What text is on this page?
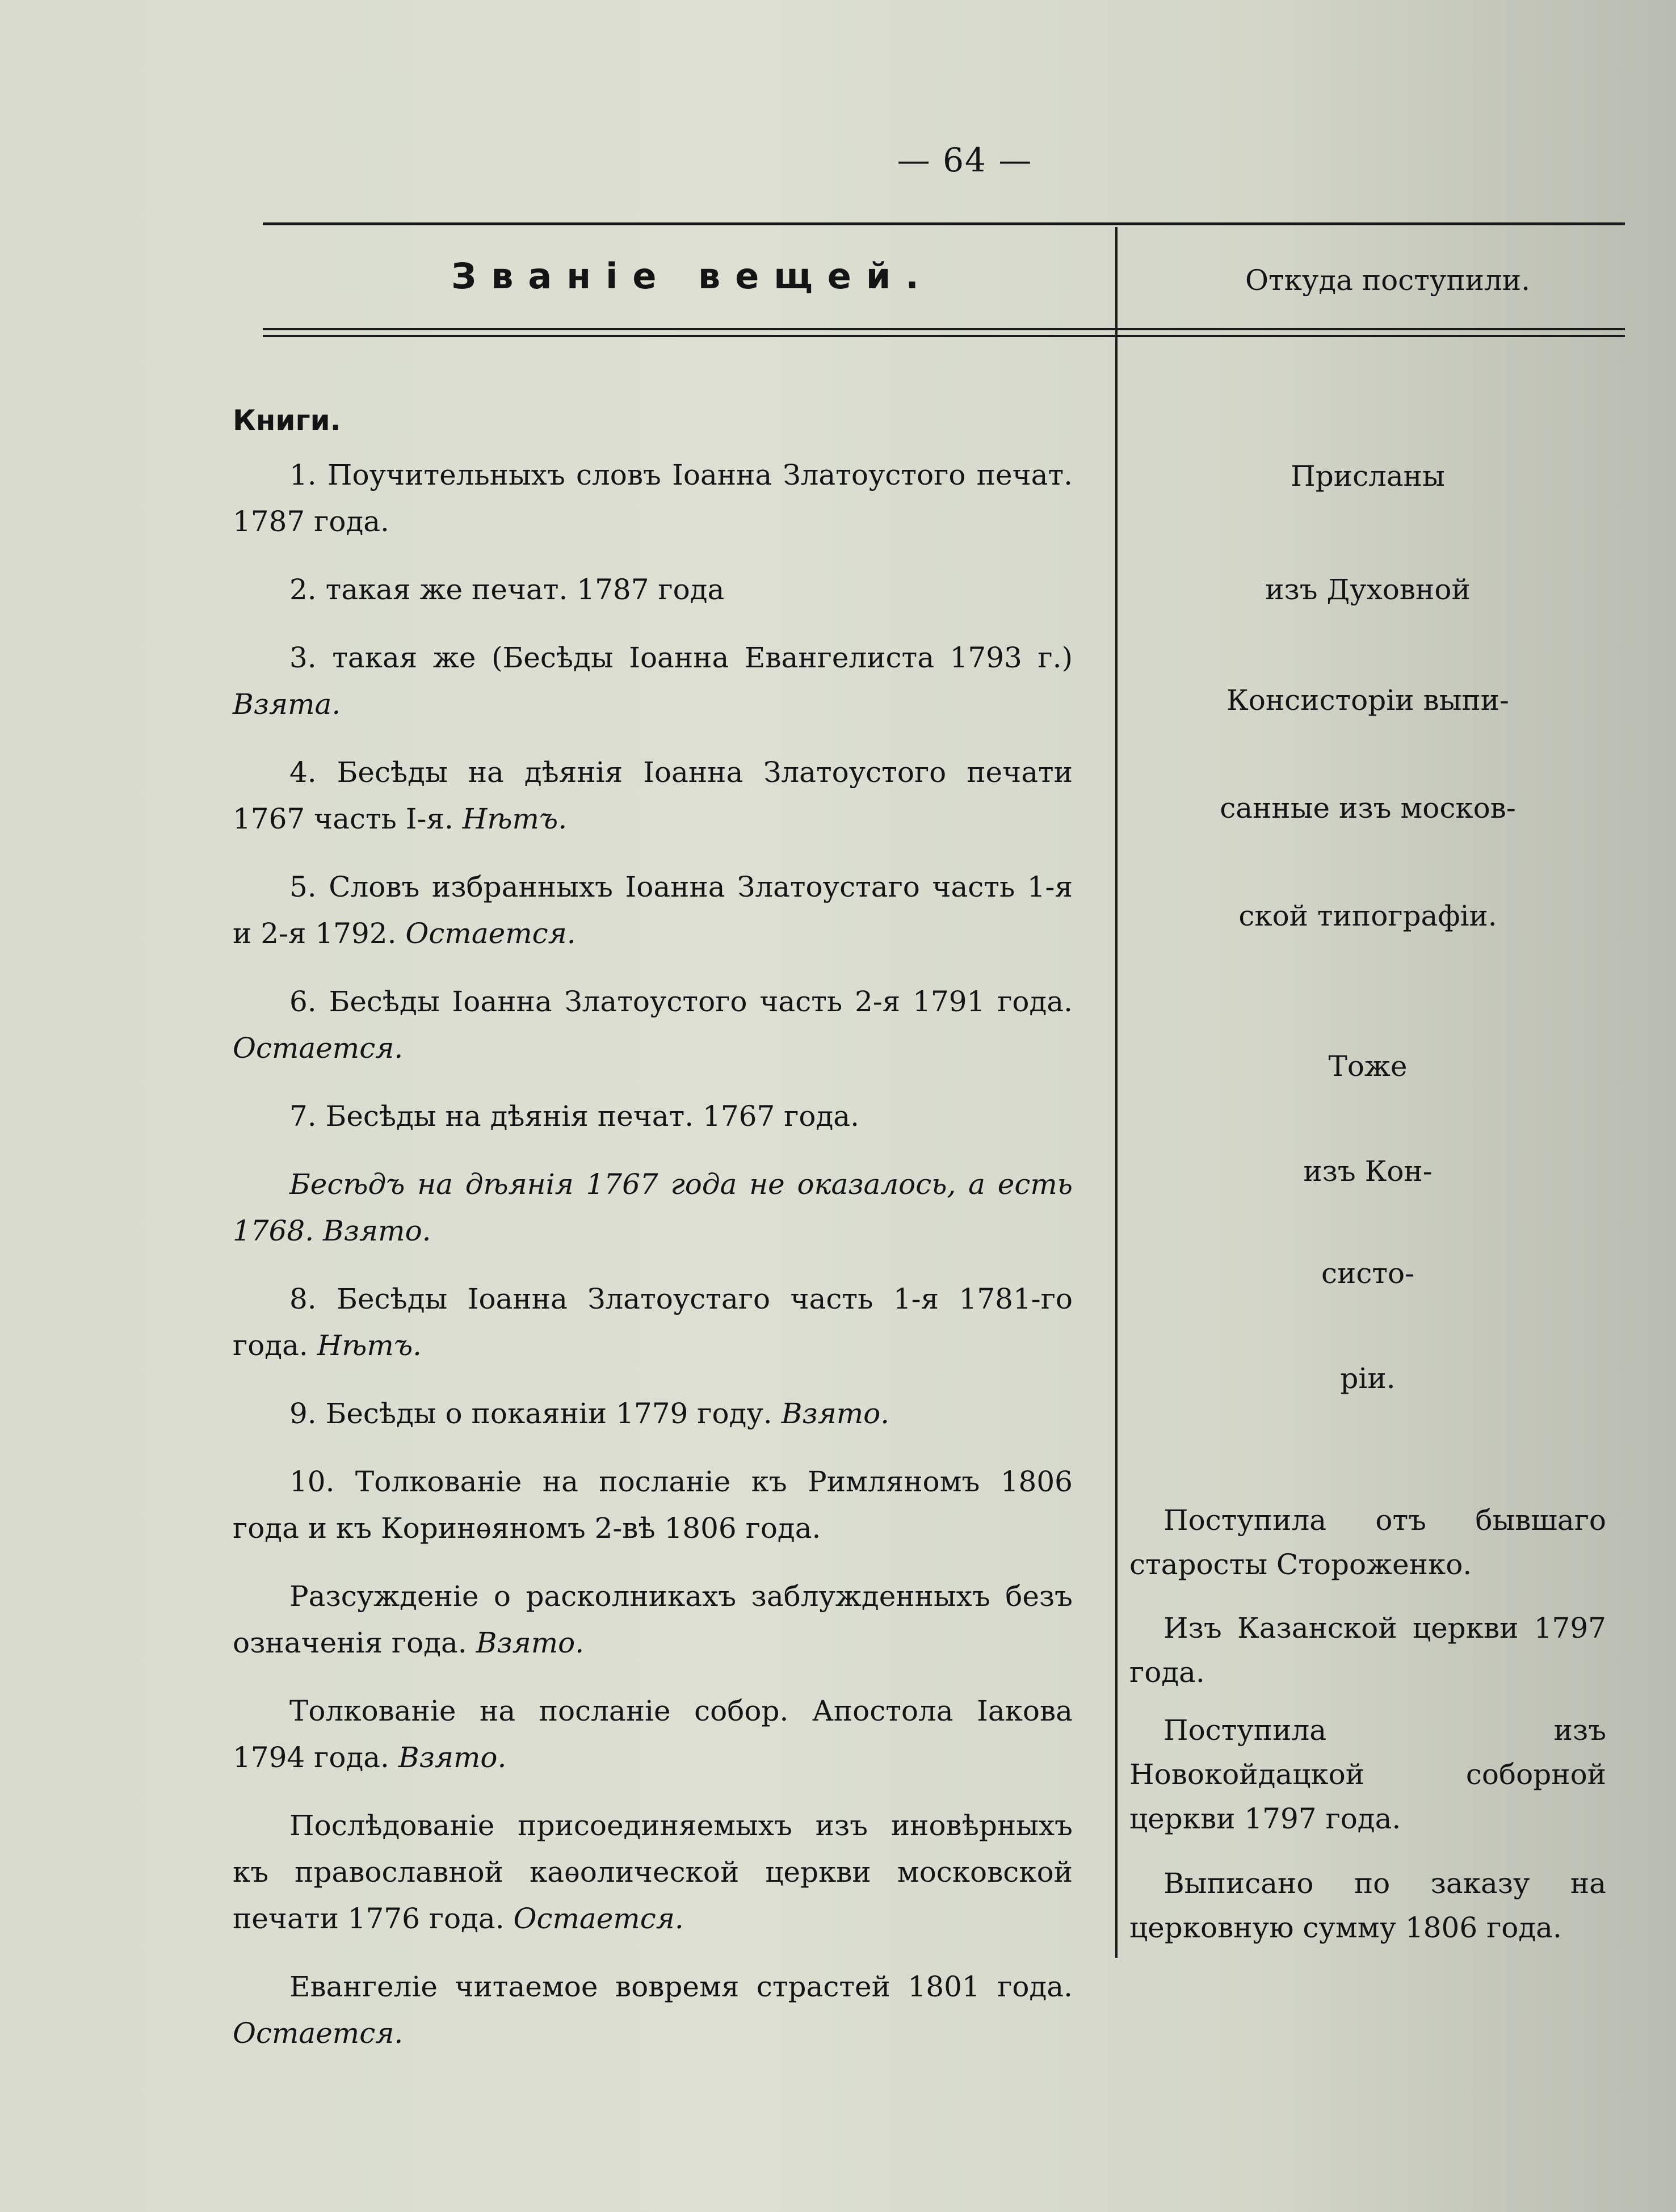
— 64 —
Званіе вещей.	Откуда поступили.

Книги.

1. Поучительныхъ словъ Іоанна Златоустого печат. 1787 года.

2. такая же печат. 1787 года

3. такая же (Бесѣды Іоанна Евангелиста 1793 г.) Взята.

4. Бесѣды на дѣянія Іоанна Златоустого печати 1767 часть І-я. Нѣтъ.

5. Словъ избранныхъ Іоанна Златоустаго часть 1-я и 2-я 1792. Остается.

6. Бесѣды Іоанна Златоустого часть 2-я 1791 года. Остается.

7. Бесѣды на дѣянія печат. 1767 года.

Бесѣдъ на дѣянія 1767 года не оказалось, а есть 1768. Взято.

8. Бесѣды Іоанна Златоустаго часть 1-я 1781-го года. Нѣтъ.

9. Бесѣды о покаяніи 1779 году. Взято.

10. Толкованіе на посланіе къ Римляномъ 1806 года и къ Коринѳяномъ 2-вѣ 1806 года.

Разсужденіе о расколникахъ заблужденныхъ безъ означенія года. Взято.

Толкованіе на посланіе собор. Апостола Іакова 1794 года. Взято.

Послѣдованіе присоединяемыхъ изъ иновѣрныхъ къ православной каѳолической церкви московской печати 1776 года. Остается.

Евангеліе читаемое вовремя страстей 1801 года. Остается.

Присланы
изъ Духовной
Консисторіи выпи-
санные изъ москов-
ской типографіи.
Тоже
изъ Кон-
систо-
ріи.
Поступила отъ бывшаго старосты Стороженко.
Изъ Казанской церкви 1797 года.
Поступила изъ Новокойдацкой соборной церкви 1797 года.
Выписано по заказу на церковную сумму 1806 года.
